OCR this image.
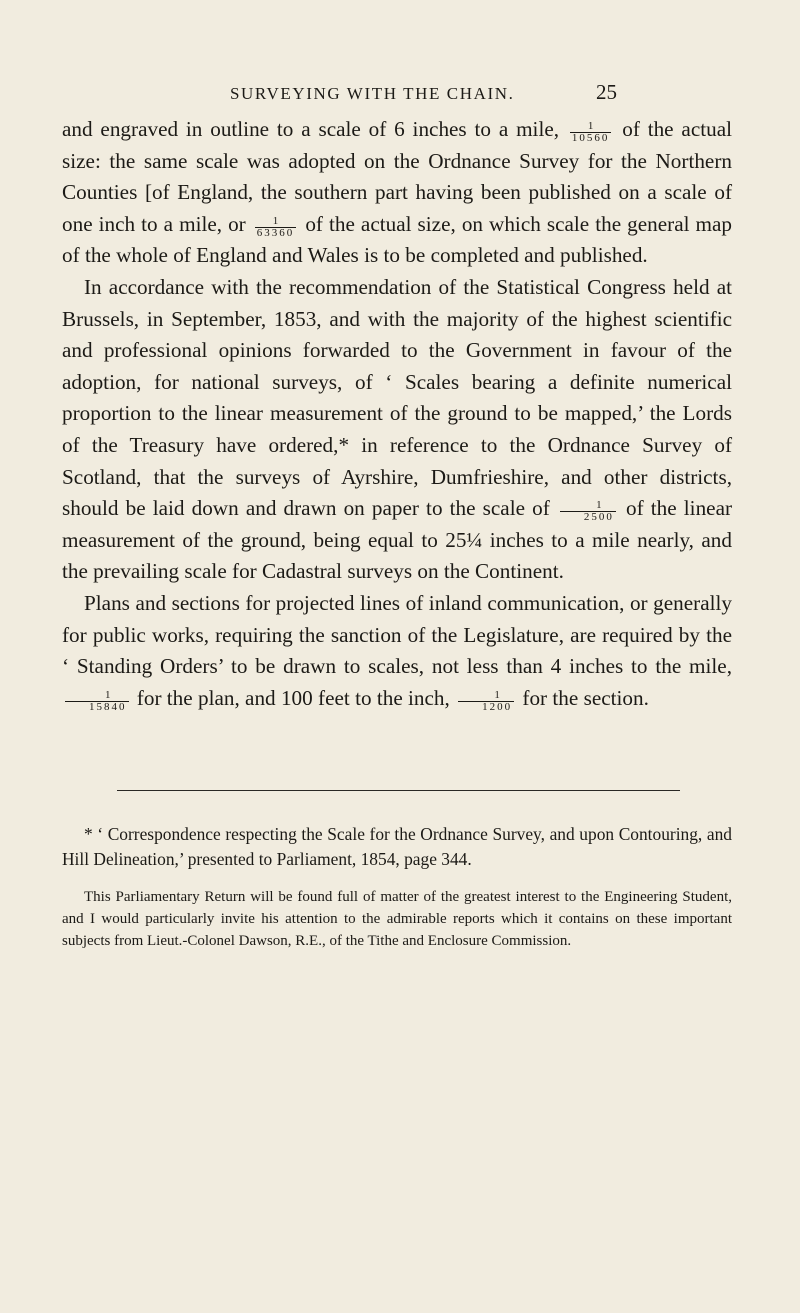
SURVEYING WITH THE CHAIN.	25

and engraved in outline to a scale of 6 inches to a mile, $\frac{1}{10560}$ of the actual size: the same scale was adopted on the Ordnance Survey for the Northern Counties [of England, the southern part having been published on a scale of one inch to a mile, or $\frac{1}{63360}$ of the actual size, on which scale the general map of the whole of England and Wales is to be completed and published.

In accordance with the recommendation of the Statistical Congress held at Brussels, in September, 1853, and with the majority of the highest scientific and professional opinions forwarded to the Government in favour of the adoption, for national surveys, of ‘ Scales bearing a definite numerical proportion to the linear measurement of the ground to be mapped,’ the Lords of the Treasury have ordered,* in reference to the Ordnance Survey of Scotland, that the surveys of Ayrshire, Dumfrieshire, and other districts, should be laid down and drawn on paper to the scale of $\frac{1}{2500}$ of the linear measurement of the ground, being equal to 25¼ inches to a mile nearly, and the prevailing scale for Cadastral surveys on the Continent.

Plans and sections for projected lines of inland communication, or generally for public works, requiring the sanction of the Legislature, are required by the ‘ Standing Orders’ to be drawn to scales, not less than 4 inches to the mile,
$\frac{1}{15840}$ for the plan, and 100 feet to the inch, $\frac{1}{1200}$ for the section.

* ‘ Correspondence respecting the Scale for the Ordnance Survey, and upon Contouring, and Hill Delineation,’ presented to Parliament, 1854, page 344.

This Parliamentary Return will be found full of matter of the greatest interest to the Engineering Student, and I would particularly invite his attention to the admirable reports which it contains on these important subjects from Lieut.-Colonel Dawson, R.E., of the Tithe and Enclosure Commission.
